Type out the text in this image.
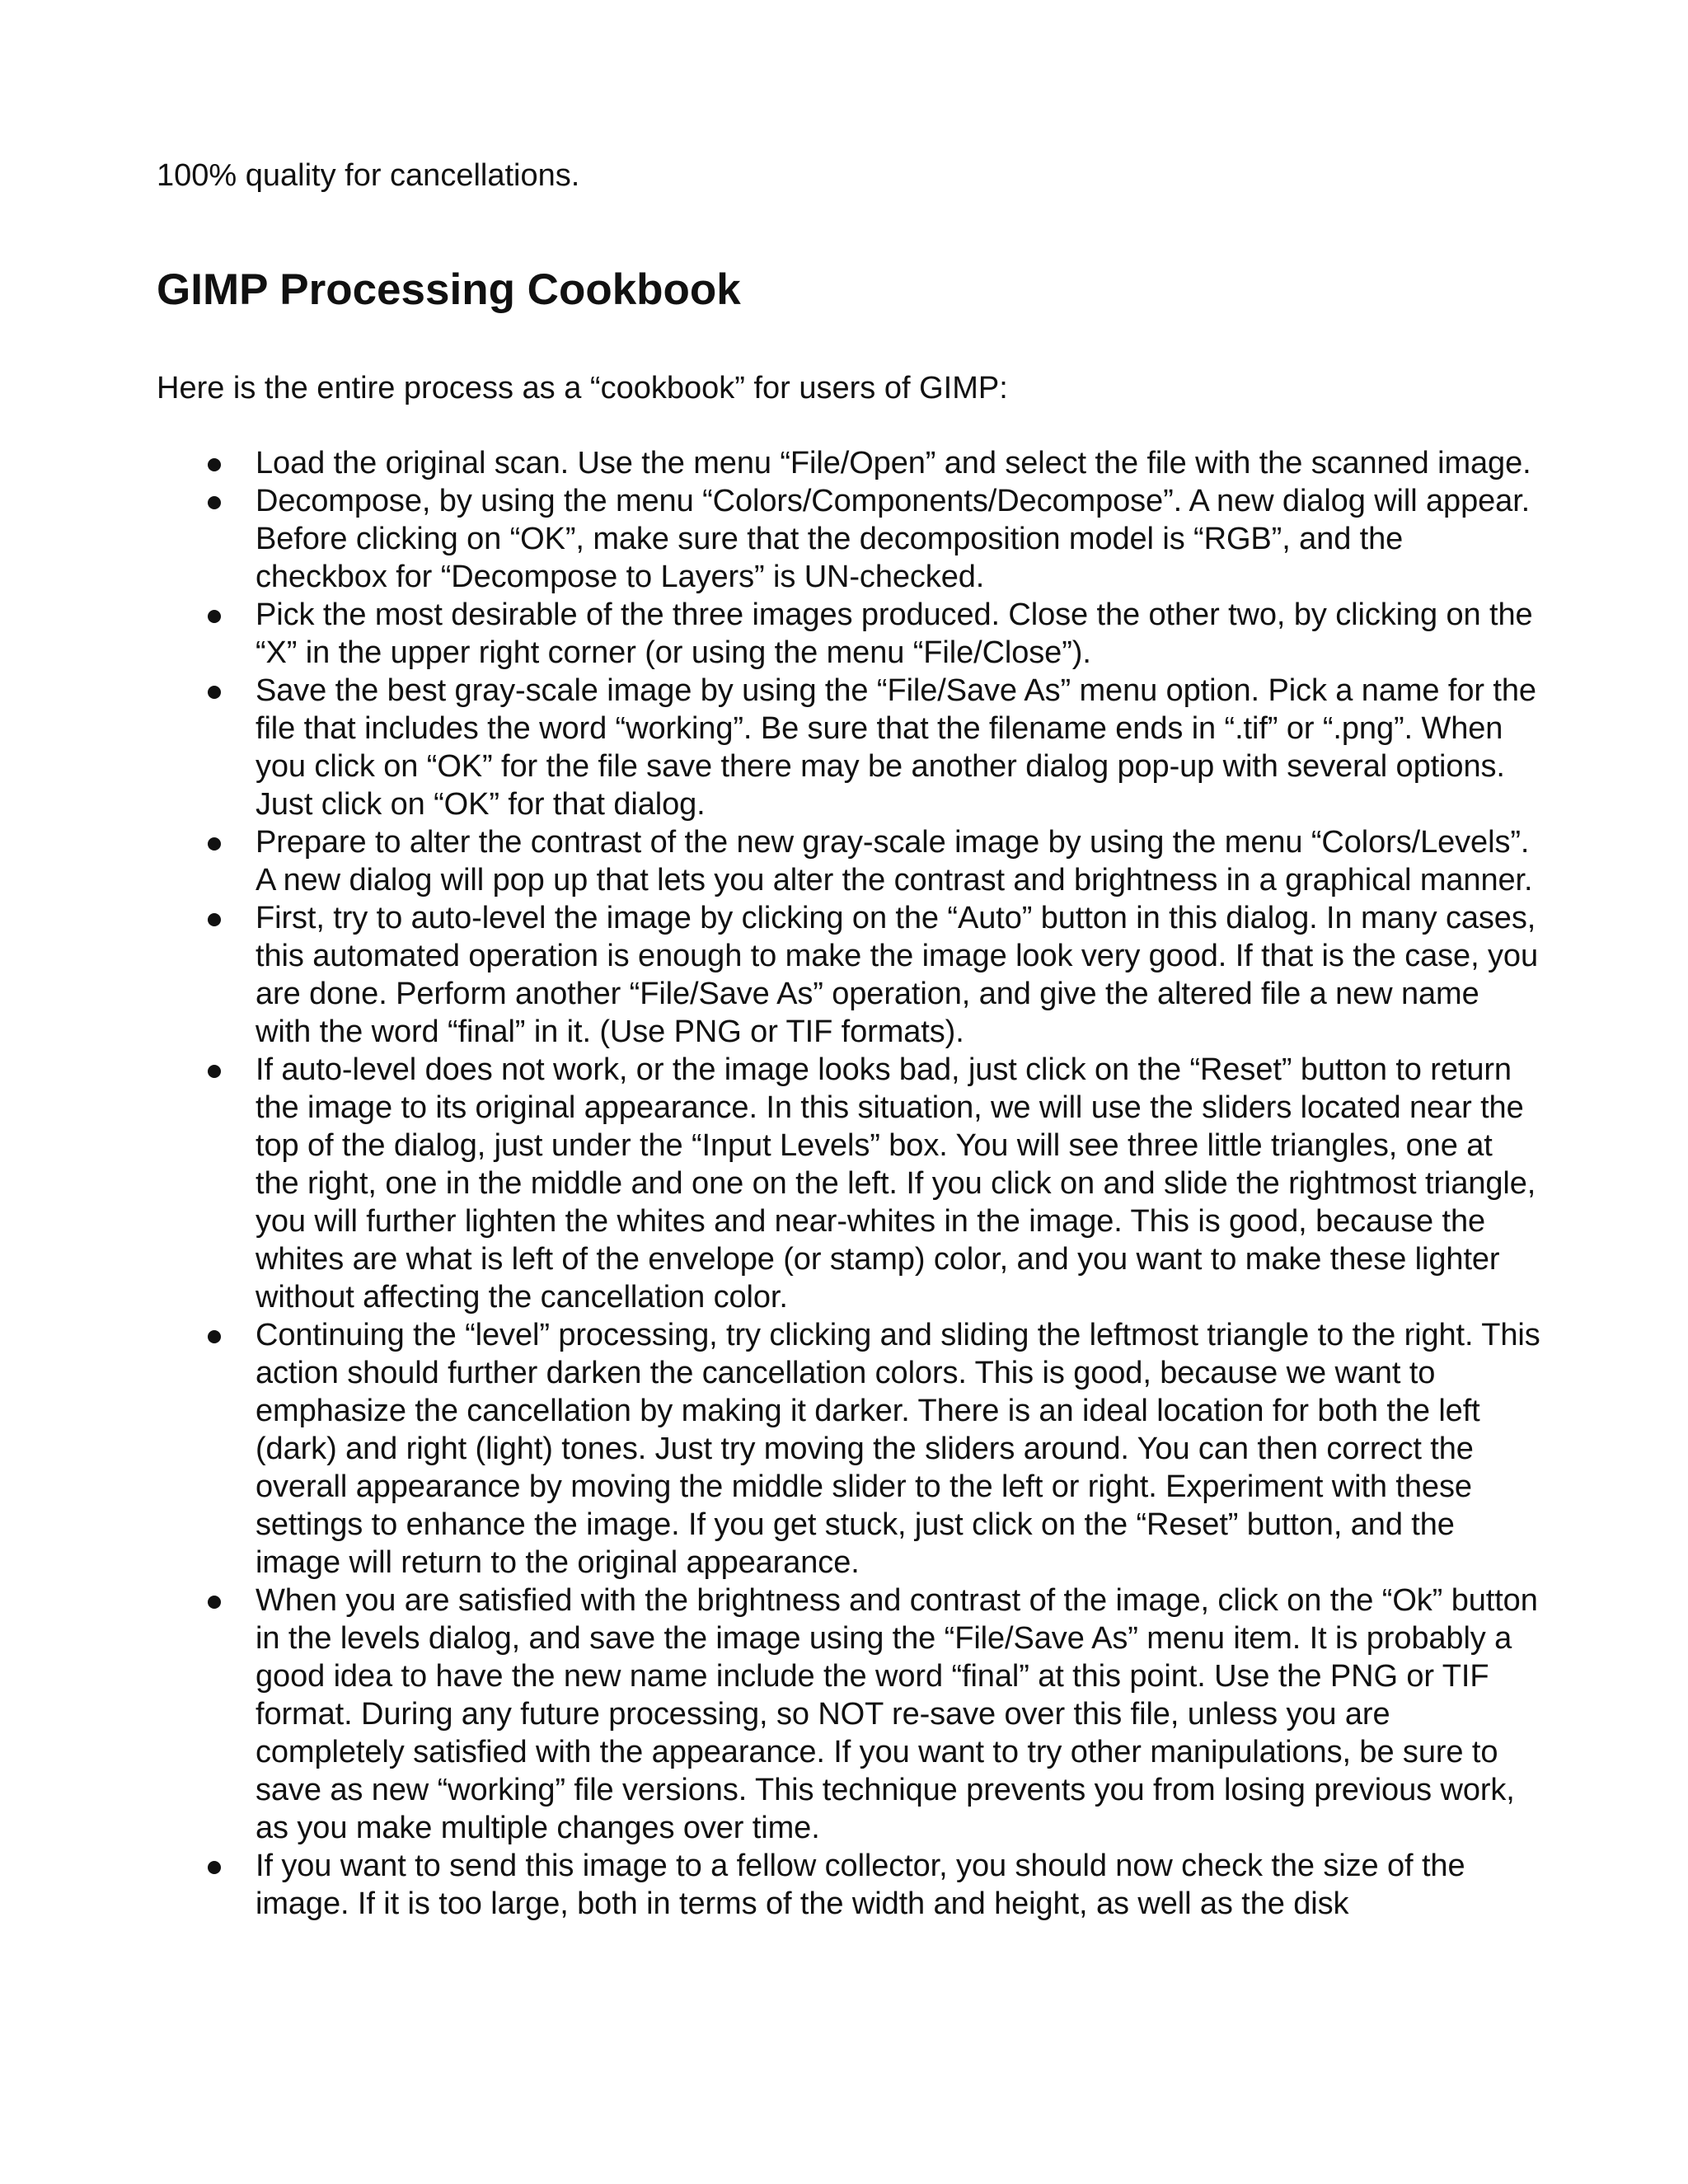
100% quality for cancellations.

GIMP Processing Cookbook

Here is the entire process as a “cookbook” for users of GIMP:

Load the original scan. Use the menu “File/Open” and select the file with the scanned image.
Decompose, by using the menu “Colors/Components/Decompose”. A new dialog will appear. Before clicking on “OK”, make sure that the decomposition model is “RGB”, and the checkbox for “Decompose to Layers” is UN-checked.
Pick the most desirable of the three images produced. Close the other two, by clicking on the “X” in the upper right corner (or using the menu “File/Close”).
Save the best gray-scale image by using the “File/Save As” menu option. Pick a name for the file that includes the word “working”. Be sure that the filename ends in “.tif” or “.png”. When you click on “OK” for the file save there may be another dialog pop-up with several options. Just click on “OK” for that dialog.
Prepare to alter the contrast of the new gray-scale image by using the menu “Colors/Levels”. A new dialog will pop up that lets you alter the contrast and brightness in a graphical manner.
First, try to auto-level the image by clicking on the “Auto” button in this dialog. In many cases, this automated operation is enough to make the image look very good. If that is the case, you are done. Perform another “File/Save As” operation, and give the altered file a new name with the word “final” in it. (Use PNG or TIF formats).
If auto-level does not work, or the image looks bad, just click on the “Reset” button to return the image to its original appearance. In this situation, we will use the sliders located near the top of the dialog, just under the “Input Levels” box. You will see three little triangles, one at the right, one in the middle and one on the left. If you click on and slide the rightmost triangle, you will further lighten the whites and near-whites in the image. This is good, because the whites are what is left of the envelope (or stamp) color, and you want to make these lighter without affecting the cancellation color.
Continuing the “level” processing, try clicking and sliding the leftmost triangle to the right. This action should further darken the cancellation colors. This is good, because we want to emphasize the cancellation by making it darker. There is an ideal location for both the left (dark) and right (light) tones. Just try moving the sliders around. You can then correct the overall appearance by moving the middle slider to the left or right. Experiment with these settings to enhance the image. If you get stuck, just click on the “Reset” button, and the image will return to the original appearance.
When you are satisfied with the brightness and contrast of the image, click on the “Ok” button in the levels dialog, and save the image using the “File/Save As” menu item. It is probably a good idea to have the new name include the word “final” at this point. Use the PNG or TIF format. During any future processing, so NOT re-save over this file, unless you are completely satisfied with the appearance. If you want to try other manipulations, be sure to save as new “working” file versions. This technique prevents you from losing previous work, as you make multiple changes over time.
If you want to send this image to a fellow collector, you should now check the size of the image. If it is too large, both in terms of the width and height, as well as the disk
